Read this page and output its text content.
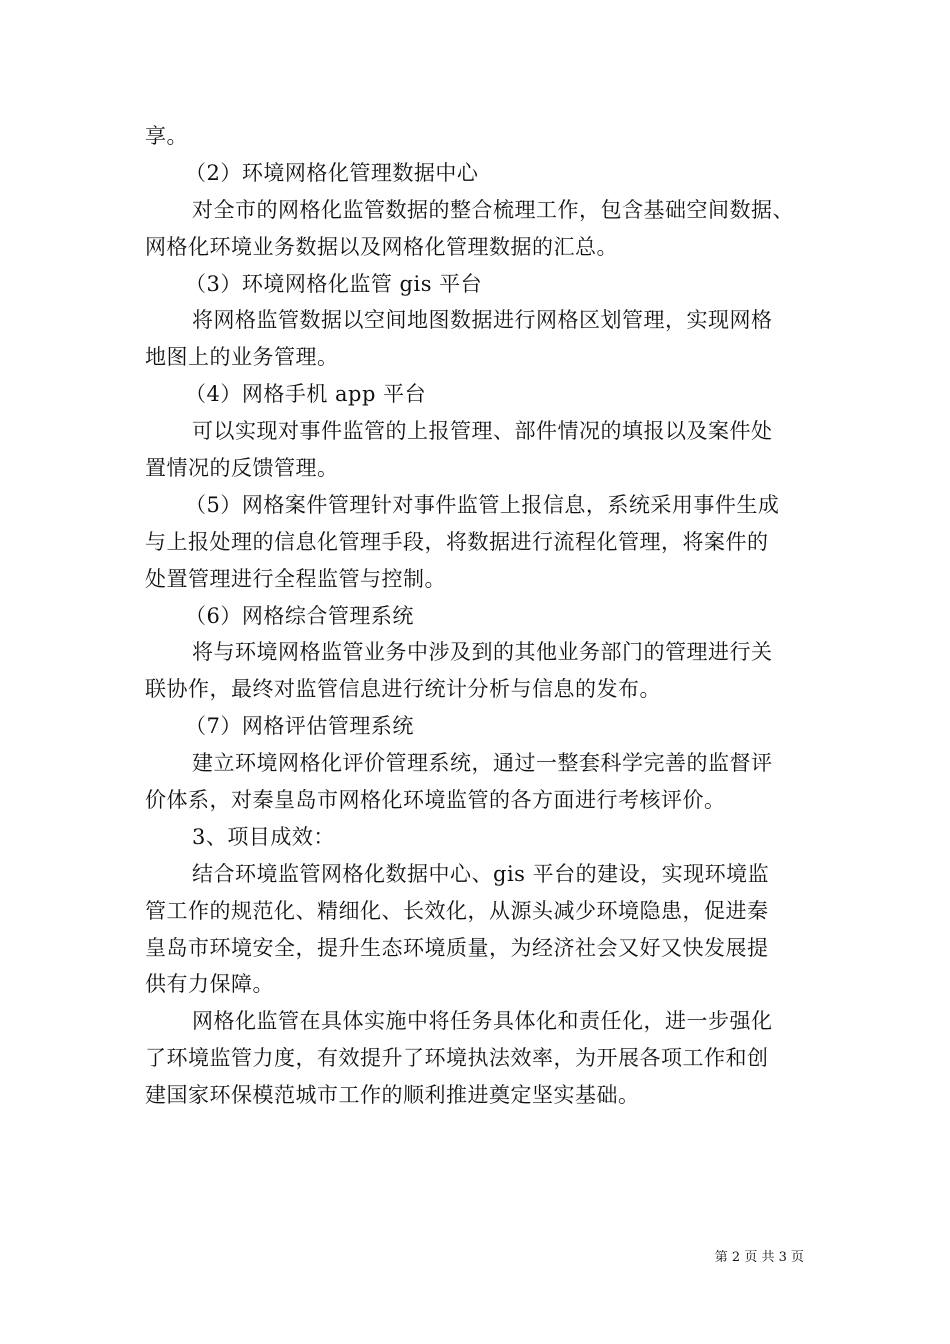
享。
（2）环境网格化管理数据中心
对全市的网格化监管数据的整合梳理工作，包含基础空间数据、
网格化环境业务数据以及网格化管理数据的汇总。
（3）环境网格化监管 gis 平台
将网格监管数据以空间地图数据进行网格区划管理，实现网格
地图上的业务管理。
（4）网格手机 app 平台
可以实现对事件监管的上报管理、部件情况的填报以及案件处
置情况的反馈管理。
（5）网格案件管理针对事件监管上报信息，系统采用事件生成
与上报处理的信息化管理手段，将数据进行流程化管理，将案件的
处置管理进行全程监管与控制。
（6）网格综合管理系统
将与环境网格监管业务中涉及到的其他业务部门的管理进行关
联协作，最终对监管信息进行统计分析与信息的发布。
（7）网格评估管理系统
建立环境网格化评价管理系统，通过一整套科学完善的监督评
价体系，对秦皇岛市网格化环境监管的各方面进行考核评价。
3、项目成效：
结合环境监管网格化数据中心、gis 平台的建设，实现环境监
管工作的规范化、精细化、长效化，从源头减少环境隐患，促进秦
皇岛市环境安全，提升生态环境质量，为经济社会又好又快发展提
供有力保障。
网格化监管在具体实施中将任务具体化和责任化，进一步强化
了环境监管力度，有效提升了环境执法效率，为开展各项工作和创
建国家环保模范城市工作的顺利推进奠定坚实基础。
第 2 页 共 3 页
